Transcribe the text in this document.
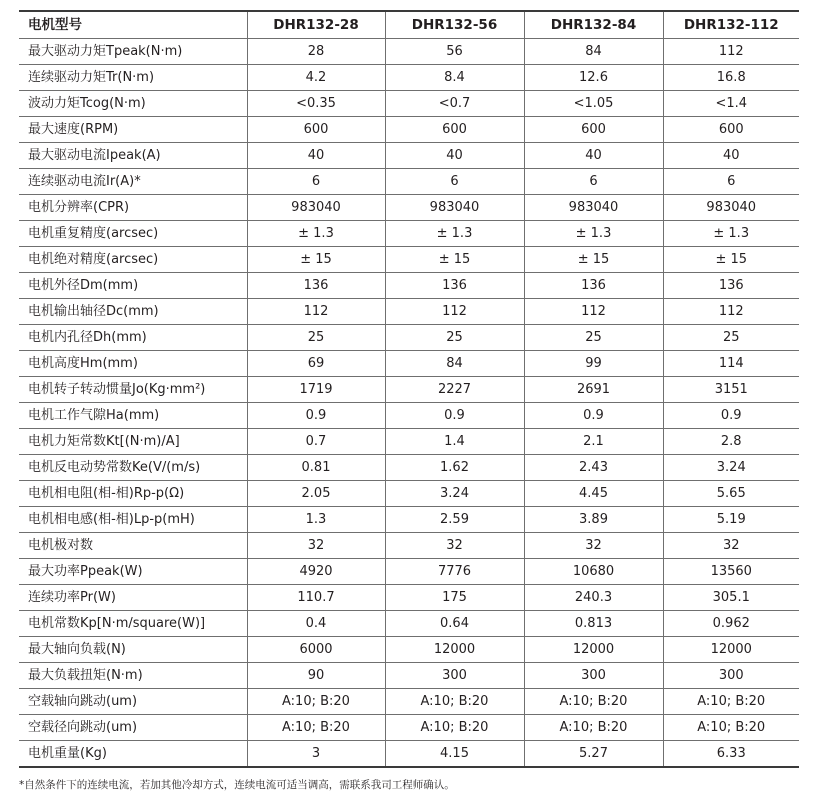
电机型号	DHR132-28	DHR132-56	DHR132-84	DHR132-112
最大驱动力矩Tpeak(N·m)	28	56	84	112
连续驱动力矩Tr(N·m)	4.2	8.4	12.6	16.8
波动力矩Tcog(N·m)	<0.35	<0.7	<1.05	<1.4
最大速度(RPM)	600	600	600	600
最大驱动电流Ipeak(A)	40	40	40	40
连续驱动电流Ir(A)*	6	6	6	6
电机分辨率(CPR)	983040	983040	983040	983040
电机重复精度(arcsec)	± 1.3	± 1.3	± 1.3	± 1.3
电机绝对精度(arcsec)	± 15	± 15	± 15	± 15
电机外径Dm(mm)	136	136	136	136
电机输出轴径Dc(mm)	112	112	112	112
电机内孔径Dh(mm)	25	25	25	25
电机高度Hm(mm)	69	84	99	114
电机转子转动惯量Jo(Kg·mm²)	1719	2227	2691	3151
电机工作气隙Ha(mm)	0.9	0.9	0.9	0.9
电机力矩常数Kt[(N·m)/A]	0.7	1.4	2.1	2.8
电机反电动势常数Ke(V/(m/s)	0.81	1.62	2.43	3.24
电机相电阻(相-相)Rp-p(Ω)	2.05	3.24	4.45	5.65
电机相电感(相-相)Lp-p(mH)	1.3	2.59	3.89	5.19
电机极对数	32	32	32	32
最大功率Ppeak(W)	4920	7776	10680	13560
连续功率Pr(W)	110.7	175	240.3	305.1
电机常数Kp[N·m/square(W)]	0.4	0.64	0.813	0.962
最大轴向负载(N)	6000	12000	12000	12000
最大负载扭矩(N·m)	90	300	300	300
空载轴向跳动(um)	A:10; B:20	A:10; B:20	A:10; B:20	A:10; B:20
空载径向跳动(um)	A:10; B:20	A:10; B:20	A:10; B:20	A:10; B:20
电机重量(Kg)	3	4.15	5.27	6.33
*自然条件下的连续电流，若加其他冷却方式，连续电流可适当调高，需联系我司工程师确认。
